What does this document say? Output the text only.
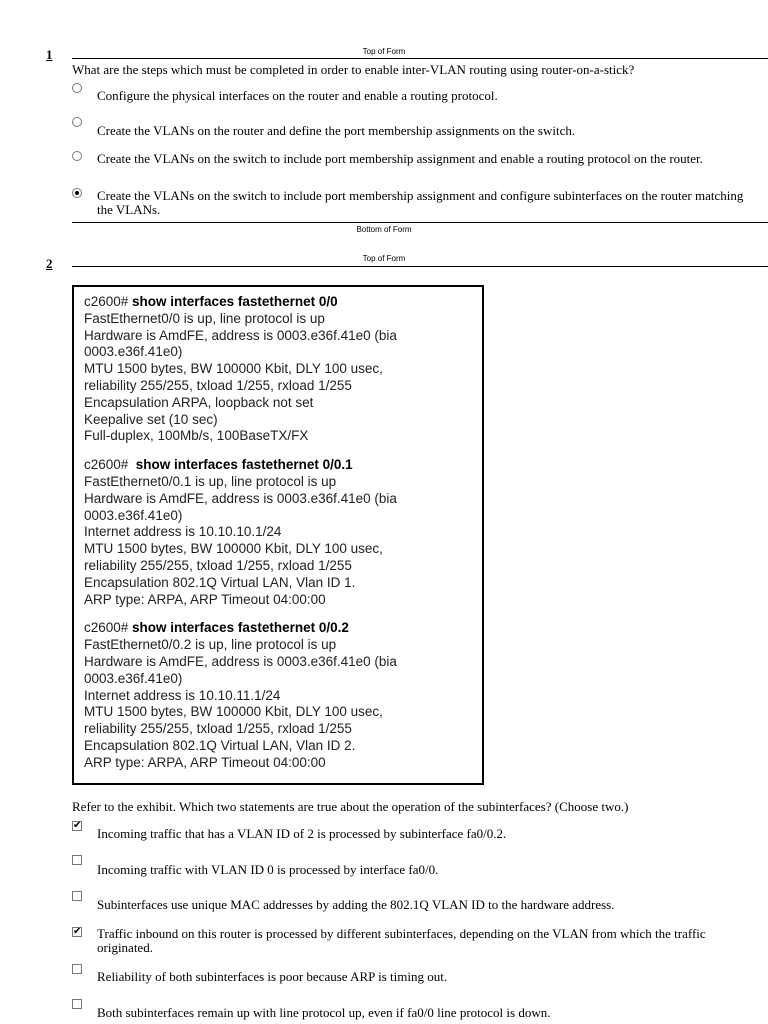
1	Top of Form
What are the steps which must be completed in order to enable inter-VLAN routing using router-on-a-stick?
Configure the physical interfaces on the router and enable a routing protocol.
Create the VLANs on the router and define the port membership assignments on the switch.
Create the VLANs on the switch to include port membership assignment and enable a routing protocol on the router.
Create the VLANs on the switch to include port membership assignment and configure subinterfaces on the router matching the VLANs.
Bottom of Form
2	Top of Form
c2600# show interfaces fastethernet 0/0
FastEthernet0/0 is up, line protocol is up
Hardware is AmdFE, address is 0003.e36f.41e0 (bia
0003.e36f.41e0)
MTU 1500 bytes, BW 100000 Kbit, DLY 100 usec,
reliability 255/255, txload 1/255, rxload 1/255
Encapsulation ARPA, loopback not set
Keepalive set (10 sec)
Full-duplex, 100Mb/s, 100BaseTX/FX
c2600#  show interfaces fastethernet 0/0.1
FastEthernet0/0.1 is up, line protocol is up
Hardware is AmdFE, address is 0003.e36f.41e0 (bia
0003.e36f.41e0)
Internet address is 10.10.10.1/24
MTU 1500 bytes, BW 100000 Kbit, DLY 100 usec,
reliability 255/255, txload 1/255, rxload 1/255
Encapsulation 802.1Q Virtual LAN, Vlan ID 1.
ARP type: ARPA, ARP Timeout 04:00:00
c2600# show interfaces fastethernet 0/0.2
FastEthernet0/0.2 is up, line protocol is up
Hardware is AmdFE, address is 0003.e36f.41e0 (bia
0003.e36f.41e0)
Internet address is 10.10.11.1/24
MTU 1500 bytes, BW 100000 Kbit, DLY 100 usec,
reliability 255/255, txload 1/255, rxload 1/255
Encapsulation 802.1Q Virtual LAN, Vlan ID 2.
ARP type: ARPA, ARP Timeout 04:00:00
Refer to the exhibit. Which two statements are true about the operation of the subinterfaces? (Choose two.)
✔
Incoming traffic that has a VLAN ID of 2 is processed by subinterface fa0/0.2.
Incoming traffic with VLAN ID 0 is processed by interface fa0/0.
Subinterfaces use unique MAC addresses by adding the 802.1Q VLAN ID to the hardware address.
✔
Traffic inbound on this router is processed by different subinterfaces, depending on the VLAN from which the traffic originated.
Reliability of both subinterfaces is poor because ARP is timing out.
Both subinterfaces remain up with line protocol up, even if fa0/0 line protocol is down.
